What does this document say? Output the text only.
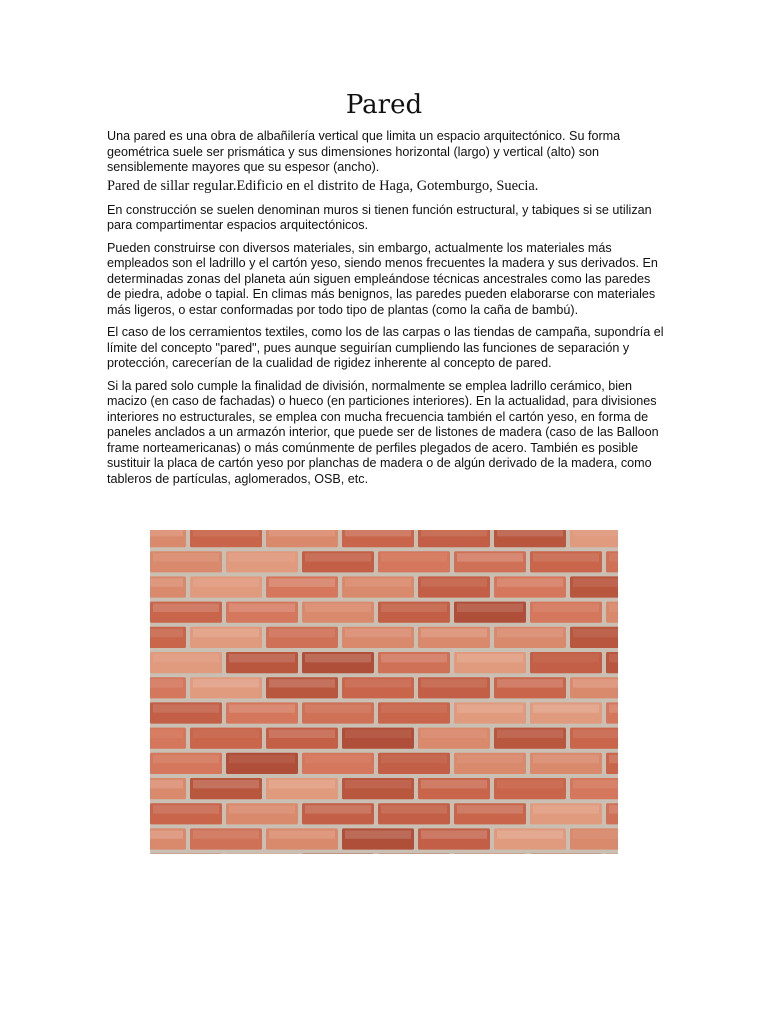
Pared

Una pared es una obra de albañilería vertical que limita un espacio arquitectónico. Su forma geométrica suele ser prismática y sus dimensiones horizontal (largo) y vertical (alto) son sensiblemente mayores que su espesor (ancho).

Pared de sillar regular.Edificio en el distrito de Haga, Gotemburgo, Suecia.

En construcción se suelen denominan muros si tienen función estructural, y tabiques si se utilizan para compartimentar espacios arquitectónicos.

Pueden construirse con diversos materiales, sin embargo, actualmente los materiales más empleados son el ladrillo y el cartón yeso, siendo menos frecuentes la madera y sus derivados. En determinadas zonas del planeta aún siguen empleándose técnicas ancestrales como las paredes de piedra, adobe o tapial. En climas más benignos, las paredes pueden elaborarse con materiales más ligeros, o estar conformadas por todo tipo de plantas (como la caña de bambú).

El caso de los cerramientos textiles, como los de las carpas o las tiendas de campaña, supondría el límite del concepto "pared", pues aunque seguirían cumpliendo las funciones de separación y protección, carecerían de la cualidad de rigidez inherente al concepto de pared.

Si la pared solo cumple la finalidad de división, normalmente se emplea ladrillo cerámico, bien macizo (en caso de fachadas) o hueco (en particiones interiores). En la actualidad, para divisiones interiores no estructurales, se emplea con mucha frecuencia también el cartón yeso, en forma de paneles anclados a un armazón interior, que puede ser de listones de madera (caso de las Balloon frame norteamericanas) o más comúnmente de perfiles plegados de acero. También es posible sustituir la placa de cartón yeso por planchas de madera o de algún derivado de la madera, como tableros de partículas, aglomerados, OSB, etc.
